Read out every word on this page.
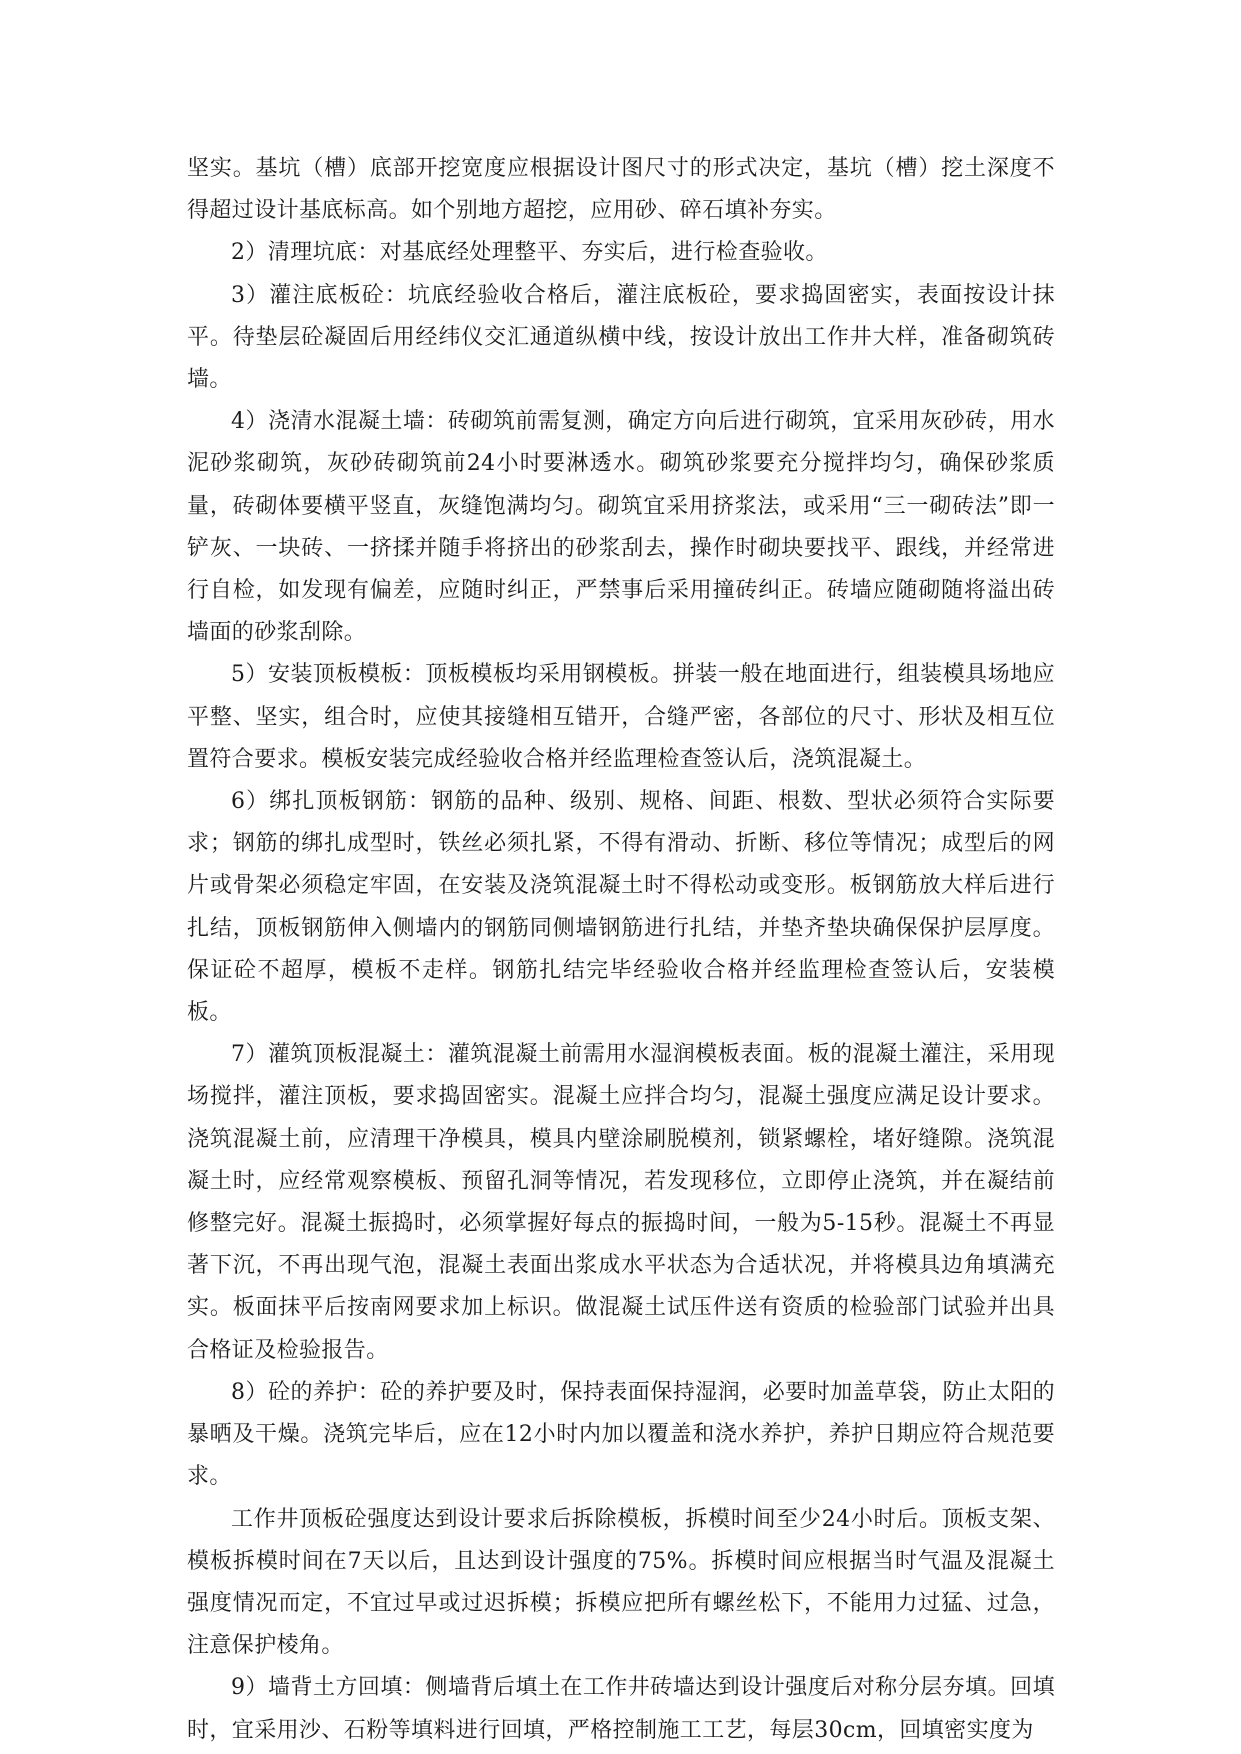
坚实。基坑（槽）底部开挖宽度应根据设计图尺寸的形式决定，基坑（槽）挖土深度不得超过设计基底标高。如个别地方超挖，应用砂、碎石填补夯实。

2）清理坑底：对基底经处理整平、夯实后，进行检查验收。

3）灌注底板砼：坑底经验收合格后，灌注底板砼，要求捣固密实，表面按设计抹平。待垫层砼凝固后用经纬仪交汇通道纵横中线，按设计放出工作井大样，准备砌筑砖墙。

4）浇清水混凝土墙：砖砌筑前需复测，确定方向后进行砌筑，宜采用灰砂砖，用水泥砂浆砌筑，灰砂砖砌筑前24小时要淋透水。砌筑砂浆要充分搅拌均匀，确保砂浆质量，砖砌体要横平竖直，灰缝饱满均匀。砌筑宜采用挤浆法，或采用“三一砌砖法”即一铲灰、一块砖、一挤揉并随手将挤出的砂浆刮去，操作时砌块要找平、跟线，并经常进行自检，如发现有偏差，应随时纠正，严禁事后采用撞砖纠正。砖墙应随砌随将溢出砖墙面的砂浆刮除。

5）安装顶板模板：顶板模板均采用钢模板。拼装一般在地面进行，组装模具场地应平整、坚实，组合时，应使其接缝相互错开，合缝严密，各部位的尺寸、形状及相互位置符合要求。模板安装完成经验收合格并经监理检查签认后，浇筑混凝土。

6）绑扎顶板钢筋：钢筋的品种、级别、规格、间距、根数、型状必须符合实际要求；钢筋的绑扎成型时，铁丝必须扎紧，不得有滑动、折断、移位等情况；成型后的网片或骨架必须稳定牢固，在安装及浇筑混凝土时不得松动或变形。板钢筋放大样后进行扎结，顶板钢筋伸入侧墙内的钢筋同侧墙钢筋进行扎结，并垫齐垫块确保保护层厚度。保证砼不超厚，模板不走样。钢筋扎结完毕经验收合格并经监理检查签认后，安装模板。

7）灌筑顶板混凝土：灌筑混凝土前需用水湿润模板表面。板的混凝土灌注，采用现场搅拌，灌注顶板，要求捣固密实。混凝土应拌合均匀，混凝土强度应满足设计要求。浇筑混凝土前，应清理干净模具，模具内壁涂刷脱模剂，锁紧螺栓，堵好缝隙。浇筑混凝土时，应经常观察模板、预留孔洞等情况，若发现移位，立即停止浇筑，并在凝结前修整完好。混凝土振捣时，必须掌握好每点的振捣时间，一般为5-15秒。混凝土不再显著下沉，不再出现气泡，混凝土表面出浆成水平状态为合适状况，并将模具边角填满充实。板面抹平后按南网要求加上标识。做混凝土试压件送有资质的检验部门试验并出具合格证及检验报告。

8）砼的养护：砼的养护要及时，保持表面保持湿润，必要时加盖草袋，防止太阳的暴晒及干燥。浇筑完毕后，应在12小时内加以覆盖和浇水养护，养护日期应符合规范要求。

工作井顶板砼强度达到设计要求后拆除模板，拆模时间至少24小时后。顶板支架、模板拆模时间在7天以后，且达到设计强度的75%。拆模时间应根据当时气温及混凝土强度情况而定，不宜过早或过迟拆模；拆模应把所有螺丝松下，不能用力过猛、过急，注意保护棱角。

9）墙背土方回填：侧墙背后填土在工作井砖墙达到设计强度后对称分层夯填。回填时，宜采用沙、石粉等填料进行回填，严格控制施工工艺，每层30cm，回填密实度为
